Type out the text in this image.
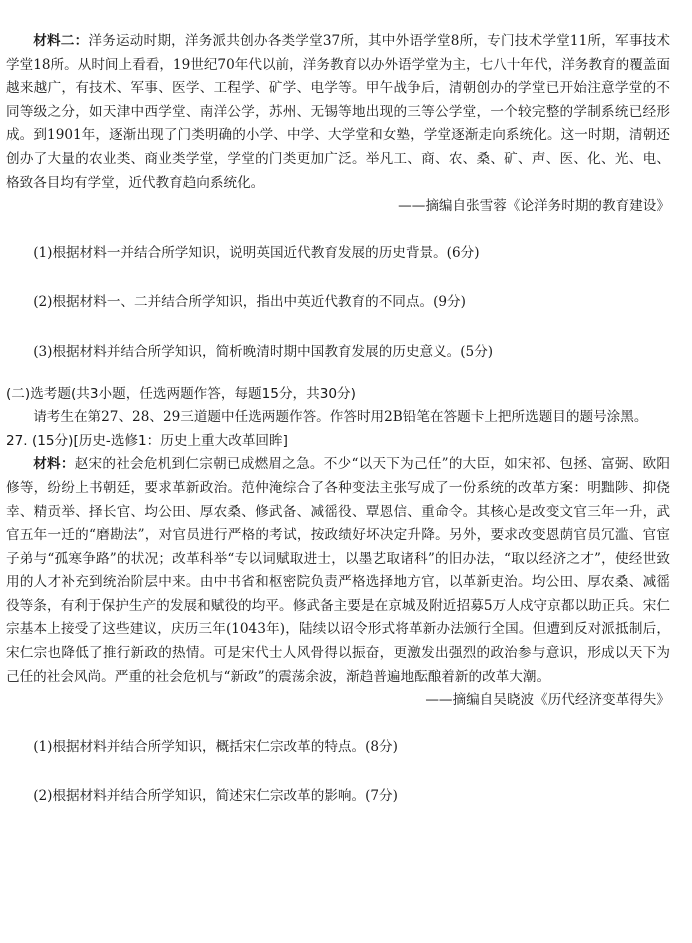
材料二：洋务运动时期，洋务派共创办各类学堂37所，其中外语学堂8所，专门技术学堂11所，军事技术学堂18所。从时间上看看，19世纪70年代以前，洋务教育以办外语学堂为主，七八十年代，洋务教育的覆盖面越来越广，有技术、军事、医学、工程学、矿学、电学等。甲午战争后，清朝创办的学堂已开始注意学堂的不同等级之分，如天津中西学堂、南洋公学，苏州、无锡等地出现的三等公学堂，一个较完整的学制系统已经形成。到1901年，逐渐出现了门类明确的小学、中学、大学堂和女塾，学堂逐渐走向系统化。这一时期，清朝还创办了大量的农业类、商业类学堂，学堂的门类更加广泛。举凡工、商、农、桑、矿、声、医、化、光、电、格致各目均有学堂，近代教育趋向系统化。

——摘编自张雪蓉《论洋务时期的教育建设》

(1)根据材料一并结合所学知识，说明英国近代教育发展的历史背景。(6分)

(2)根据材料一、二并结合所学知识，指出中英近代教育的不同点。(9分)

(3)根据材料并结合所学知识，简析晚清时期中国教育发展的历史意义。(5分)

(二)选考题(共3小题，任选两题作答，每题15分，共30分)

请考生在第27、28、29三道题中任选两题作答。作答时用2B铅笔在答题卡上把所选题目的题号涂黑。

27. (15分)[历史-选修1：历史上重大改革回眸]

材料：赵宋的社会危机到仁宗朝已成燃眉之急。不少“以天下为己任”的大臣，如宋祁、包拯、富弼、欧阳修等，纷纷上书朝廷，要求革新政治。范仲淹综合了各种变法主张写成了一份系统的改革方案：明黜陟、抑侥幸、精贡举、择长官、均公田、厚农桑、修武备、减徭役、覃恩信、重命令。其核心是改变文官三年一升，武官五年一迁的“磨勘法”，对官员进行严格的考试，按政绩好坏决定升降。另外，要求改变恩荫官员冗滥、官宦子弟与“孤寒争路”的状况；改革科举“专以词赋取进士，以墨艺取诸科”的旧办法，“取以经济之才”，使经世致用的人才补充到统治阶层中来。由中书省和枢密院负责严格选择地方官，以革新吏治。均公田、厚农桑、减徭役等条，有利于保护生产的发展和赋役的均平。修武备主要是在京城及附近招募5万人戍守京都以助正兵。宋仁宗基本上接受了这些建议，庆历三年(1043年)，陆续以诏令形式将革新办法颁行全国。但遭到反对派抵制后，宋仁宗也降低了推行新政的热情。可是宋代士人风骨得以振奋，更激发出强烈的政治参与意识，形成以天下为己任的社会风尚。严重的社会危机与“新政”的震荡余波，渐趋普遍地酝酿着新的改革大潮。

——摘编自吴晓波《历代经济变革得失》

(1)根据材料并结合所学知识，概括宋仁宗改革的特点。(8分)

(2)根据材料并结合所学知识，简述宋仁宗改革的影响。(7分)
